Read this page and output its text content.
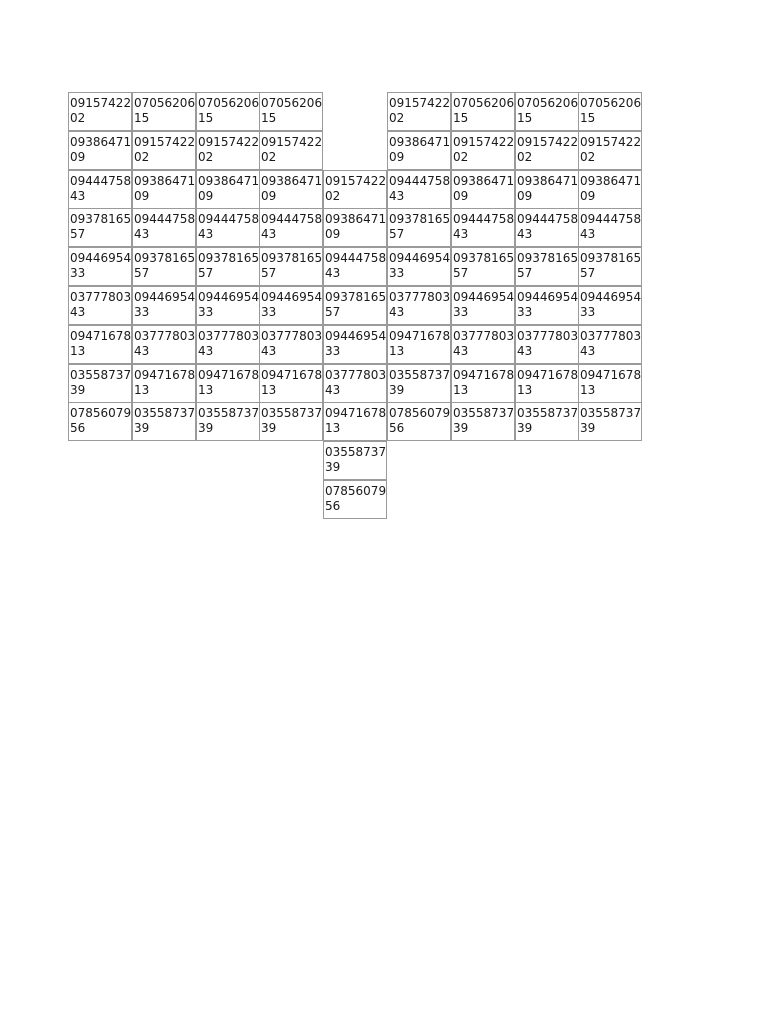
09157422
02
09386471
09
09444758
43
09378165
57
09446954
33
03777803
43
09471678
13
03558737
39
07856079
56
07056206
15
09157422
02
09386471
09
09444758
43
09378165
57
09446954
33
03777803
43
09471678
13
03558737
39
07056206
15
09157422
02
09386471
09
09444758
43
09378165
57
09446954
33
03777803
43
09471678
13
03558737
39
07056206
15
09157422
02
09386471
09
09444758
43
09378165
57
09446954
33
03777803
43
09471678
13
03558737
39
09157422
02
09386471
09
09444758
43
09378165
57
09446954
33
03777803
43
09471678
13
03558737
39
07856079
56
09157422
02
09386471
09
09444758
43
09378165
57
09446954
33
03777803
43
09471678
13
03558737
39
07856079
56
07056206
15
09157422
02
09386471
09
09444758
43
09378165
57
09446954
33
03777803
43
09471678
13
03558737
39
07056206
15
09157422
02
09386471
09
09444758
43
09378165
57
09446954
33
03777803
43
09471678
13
03558737
39
07056206
15
09157422
02
09386471
09
09444758
43
09378165
57
09446954
33
03777803
43
09471678
13
03558737
39
